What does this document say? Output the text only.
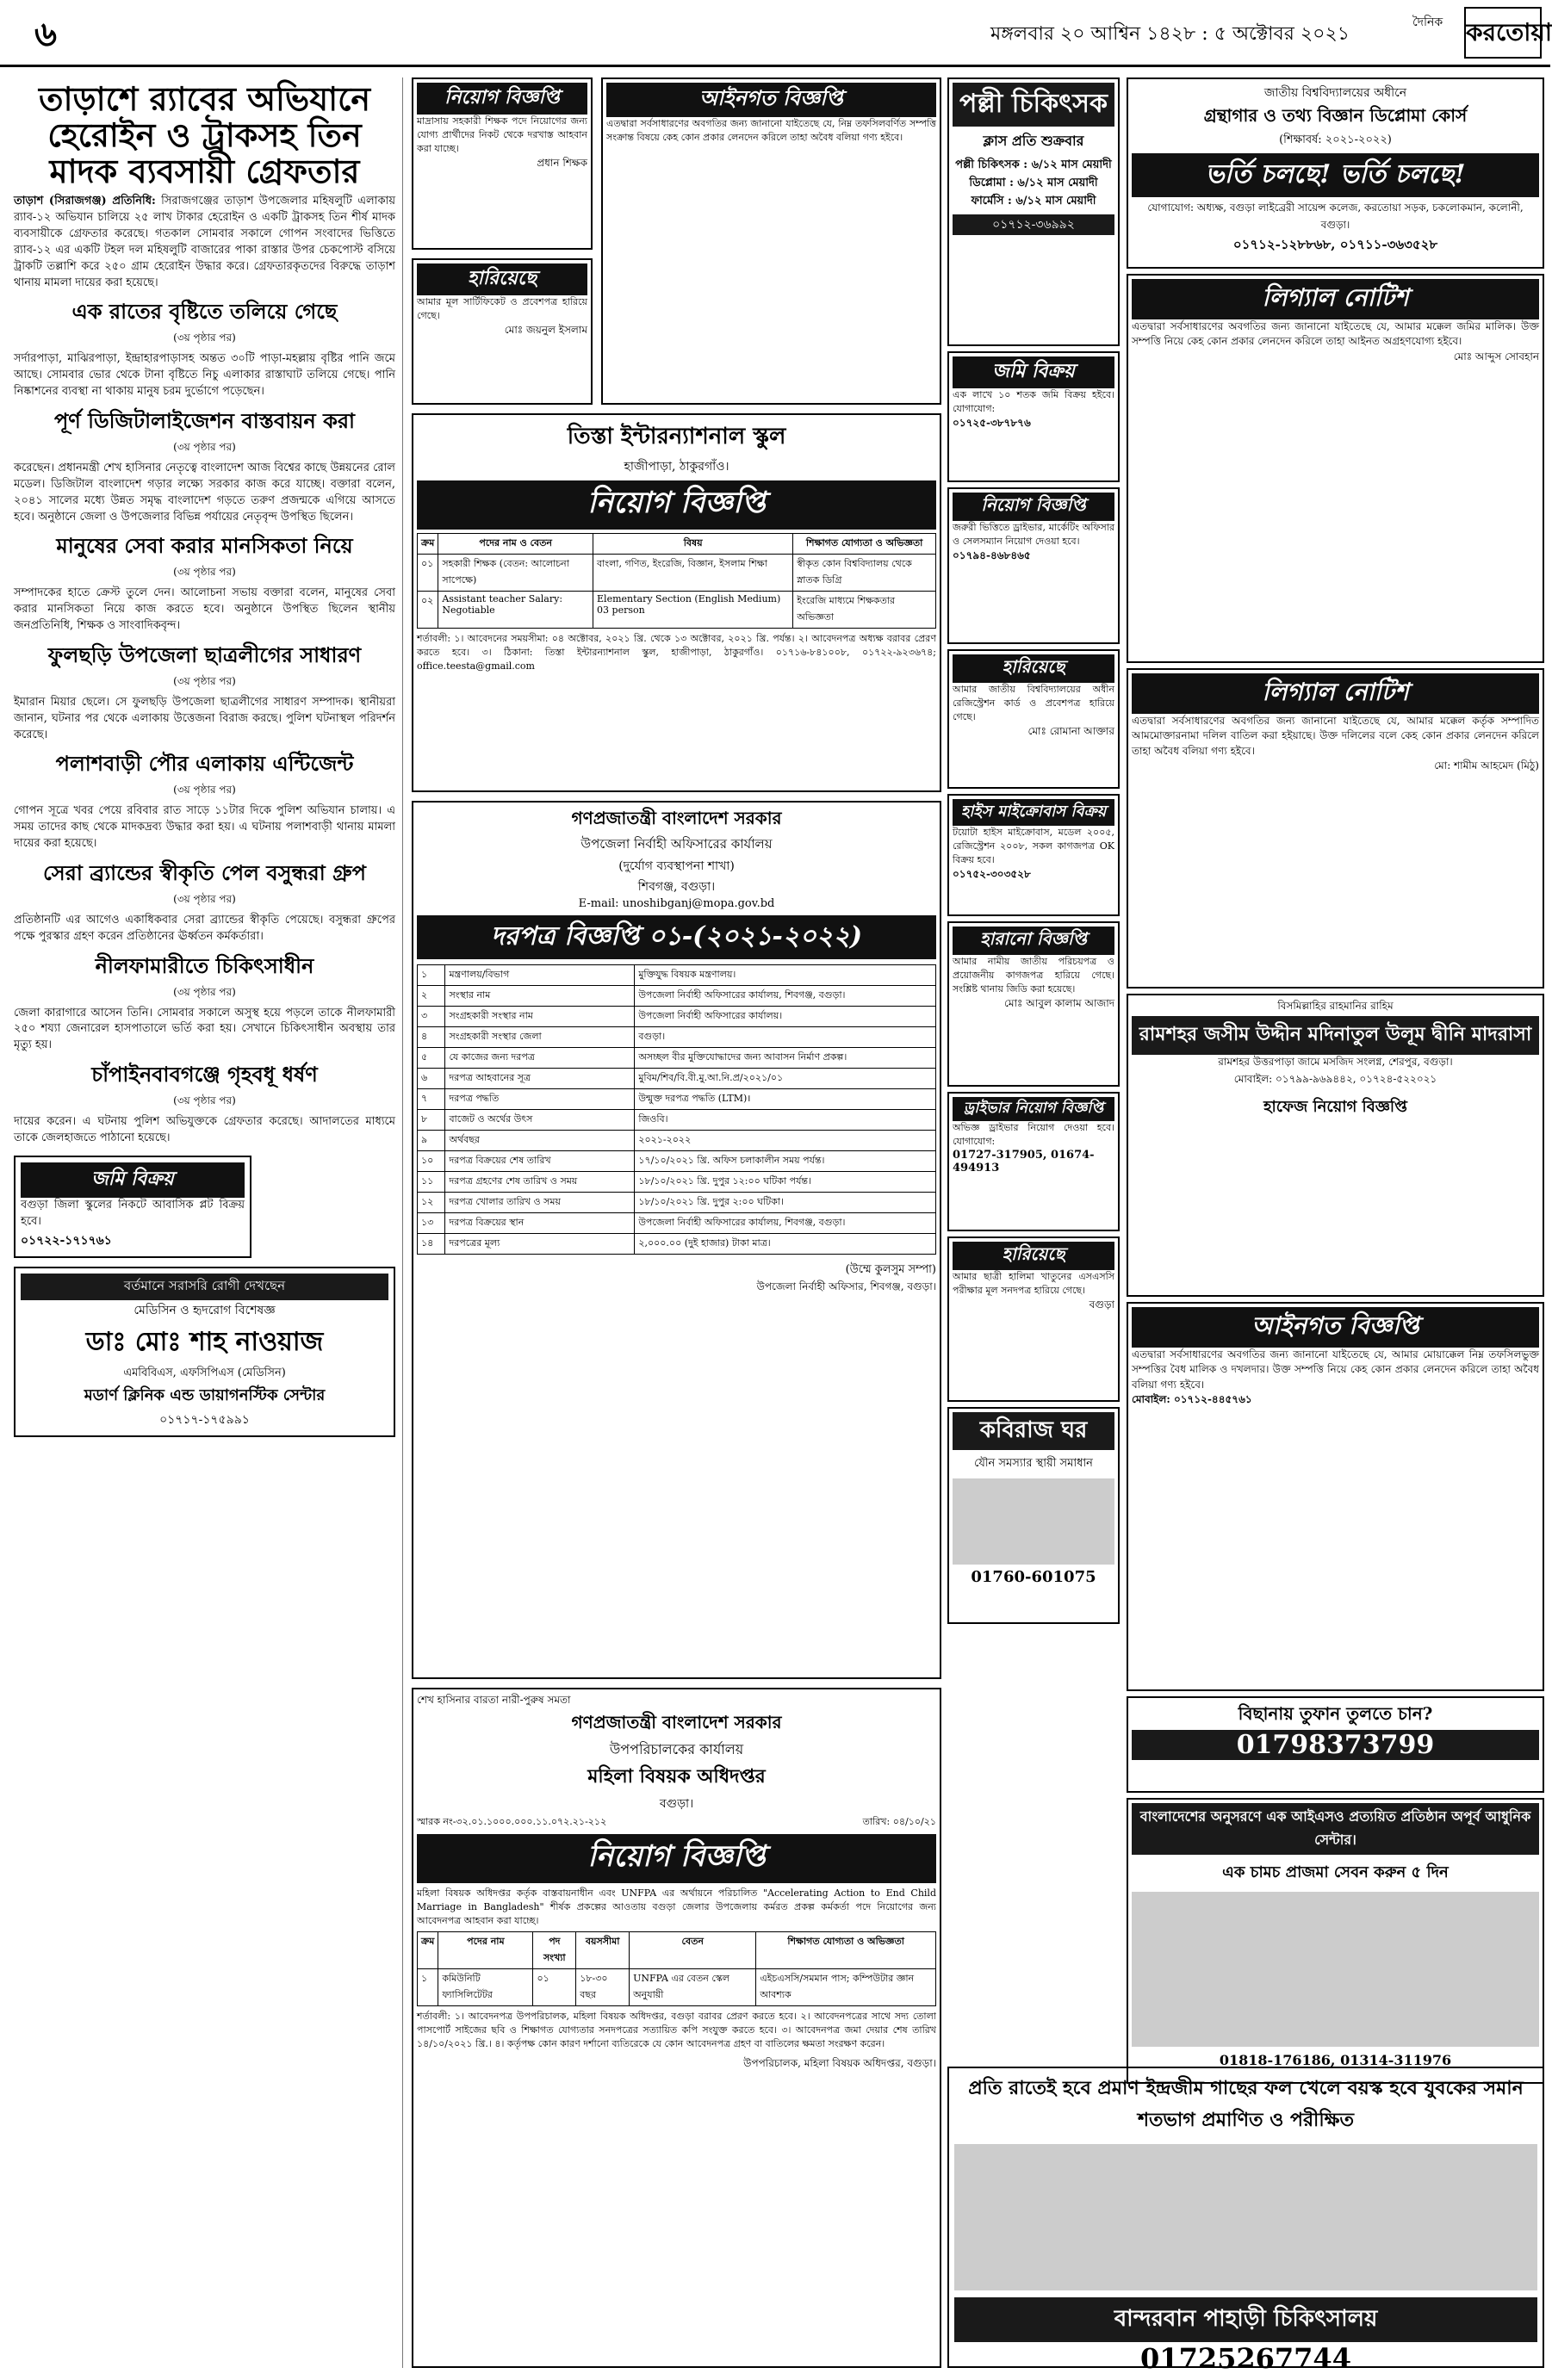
৬	মঙ্গলবার ২০ আশ্বিন ১৪২৮ : ৫ অক্টোবর ২০২১
দৈনিক করতোয়া
তাড়াশে র‍্যাবের অভিযানে হেরোইন ও ট্রাকসহ তিন মাদক ব্যবসায়ী গ্রেফতার
তাড়াশ (সিরাজগঞ্জ) প্রতিনিধি: সিরাজগঞ্জের তাড়াশ উপজেলার মহিষলুটি এলাকায় র‍্যাব-১২ অভিযান চালিয়ে ২৫ লাখ টাকার হেরোইন ও একটি ট্রাকসহ তিন শীর্ষ মাদক ব্যবসায়ীকে গ্রেফতার করেছে। গতকাল সোমবার সকালে গোপন সংবাদের ভিত্তিতে র‍্যাব-১২ এর একটি টহল দল মহিষলুটি বাজারের পাকা রাস্তার উপর চেকপোস্ট বসিয়ে ট্রাকটি তল্লাশি করে ২৫০ গ্রাম হেরোইন উদ্ধার করে। গ্রেফতারকৃতদের বিরুদ্ধে তাড়াশ থানায় মামলা দায়ের করা হয়েছে।
এক রাতের বৃষ্টিতে তলিয়ে গেছে
(৩য় পৃষ্ঠার পর)
সর্দারপাড়া, মাঝিরপাড়া, ইন্দ্রাহারপাড়াসহ অন্তত ৩০টি পাড়া-মহল্লায় বৃষ্টির পানি জমে আছে। সোমবার ভোর থেকে টানা বৃষ্টিতে নিচু এলাকার রাস্তাঘাট তলিয়ে গেছে। পানি নিষ্কাশনের ব্যবস্থা না থাকায় মানুষ চরম দুর্ভোগে পড়েছেন।
পূর্ণ ডিজিটালাইজেশন বাস্তবায়ন করা
(৩য় পৃষ্ঠার পর)
করেছেন। প্রধানমন্ত্রী শেখ হাসিনার নেতৃত্বে বাংলাদেশ আজ বিশ্বের কাছে উন্নয়নের রোল মডেল। ডিজিটাল বাংলাদেশ গড়ার লক্ষ্যে সরকার কাজ করে যাচ্ছে। বক্তারা বলেন, ২০৪১ সালের মধ্যে উন্নত সমৃদ্ধ বাংলাদেশ গড়তে তরুণ প্রজন্মকে এগিয়ে আসতে হবে। অনুষ্ঠানে জেলা ও উপজেলার বিভিন্ন পর্যায়ের নেতৃবৃন্দ উপস্থিত ছিলেন।
মানুষের সেবা করার মানসিকতা নিয়ে
(৩য় পৃষ্ঠার পর)
সম্পাদকের হাতে ক্রেস্ট তুলে দেন। আলোচনা সভায় বক্তারা বলেন, মানুষের সেবা করার মানসিকতা নিয়ে কাজ করতে হবে। অনুষ্ঠানে উপস্থিত ছিলেন স্থানীয় জনপ্রতিনিধি, শিক্ষক ও সাংবাদিকবৃন্দ।
ফুলছড়ি উপজেলা ছাত্রলীগের সাধারণ
(৩য় পৃষ্ঠার পর)
ইমারান মিয়ার ছেলে। সে ফুলছড়ি উপজেলা ছাত্রলীগের সাধারণ সম্পাদক। স্থানীয়রা জানান, ঘটনার পর থেকে এলাকায় উত্তেজনা বিরাজ করছে। পুলিশ ঘটনাস্থল পরিদর্শন করেছে।
পলাশবাড়ী পৌর এলাকায় এন্টিজেন্ট
(৩য় পৃষ্ঠার পর)
গোপন সূত্রে খবর পেয়ে রবিবার রাত সাড়ে ১১টার দিকে পুলিশ অভিযান চালায়। এ সময় তাদের কাছ থেকে মাদকদ্রব্য উদ্ধার করা হয়। এ ঘটনায় পলাশবাড়ী থানায় মামলা দায়ের করা হয়েছে।
সেরা ব্র্যান্ডের স্বীকৃতি পেল বসুন্ধরা গ্রুপ
(৩য় পৃষ্ঠার পর)
প্রতিষ্ঠানটি এর আগেও একাধিকবার সেরা ব্র্যান্ডের স্বীকৃতি পেয়েছে। বসুন্ধরা গ্রুপের পক্ষে পুরস্কার গ্রহণ করেন প্রতিষ্ঠানের ঊর্ধ্বতন কর্মকর্তারা।
নীলফামারীতে চিকিৎসাধীন
(৩য় পৃষ্ঠার পর)
জেলা কারাগারে আসেন তিনি। সোমবার সকালে অসুস্থ হয়ে পড়লে তাকে নীলফামারী ২৫০ শয্যা জেনারেল হাসপাতালে ভর্তি করা হয়। সেখানে চিকিৎসাধীন অবস্থায় তার মৃত্যু হয়।
চাঁপাইনবাবগঞ্জে গৃহবধূ ধর্ষণ
(৩য় পৃষ্ঠার পর)
দায়ের করেন। এ ঘটনায় পুলিশ অভিযুক্তকে গ্রেফতার করেছে। আদালতের মাধ্যমে তাকে জেলহাজতে পাঠানো হয়েছে।
জমি বিক্রয়
বগুড়া জিলা স্কুলের নিকটে আবাসিক প্লট বিক্রয় হবে।
০১৭২২-১৭১৭৬১
বর্তমানে সরাসরি রোগী দেখছেন
মেডিসিন ও হৃদরোগ বিশেষজ্ঞ
ডাঃ মোঃ শাহ নাওয়াজ
এমবিবিএস, এফসিপিএস (মেডিসিন)
মডার্ণ ক্লিনিক এন্ড ডায়াগনস্টিক সেন্টার
০১৭১৭-১৭৫৯৯১
নিয়োগ বিজ্ঞপ্তি
মাদ্রাসায় সহকারী শিক্ষক পদে নিয়োগের জন্য যোগ্য প্রার্থীদের নিকট থেকে দরখাস্ত আহবান করা যাচ্ছে।
প্রধান শিক্ষক
হারিয়েছে
আমার মূল সার্টিফিকেট ও প্রবেশপত্র হারিয়ে গেছে।
মোঃ জয়নুল ইসলাম
আইনগত বিজ্ঞপ্তি
এতদ্বারা সর্বসাধারণের অবগতির জন্য জানানো যাইতেছে যে, নিম্ন তফসিলবর্ণিত সম্পত্তি সংক্রান্ত বিষয়ে কেহ কোন প্রকার লেনদেন করিলে তাহা অবৈধ বলিয়া গণ্য হইবে।
তিস্তা ইন্টারন্যাশনাল স্কুল
হাজীপাড়া, ঠাকুরগাঁও।
নিয়োগ বিজ্ঞপ্তি
ক্রম	পদের নাম ও বেতন	বিষয়	শিক্ষাগত যোগ্যতা ও অভিজ্ঞতা
০১	সহকারী শিক্ষক (বেতন: আলোচনা সাপেক্ষে)	বাংলা, গণিত, ইংরেজি, বিজ্ঞান, ইসলাম শিক্ষা	স্বীকৃত কোন বিশ্ববিদ্যালয় থেকে স্নাতক ডিগ্রি
০২	Assistant teacher Salary: Negotiable	Elementary Section (English Medium) 03 person	ইংরেজি মাধ্যমে শিক্ষকতার অভিজ্ঞতা
শর্তাবলী: ১। আবেদনের সময়সীমা: ০৪ অক্টোবর, ২০২১ খ্রি. থেকে ১৩ অক্টোবর, ২০২১ খ্রি. পর্যন্ত। ২। আবেদনপত্র অধ্যক্ষ বরাবর প্রেরণ করতে হবে। ৩। ঠিকানা: তিস্তা ইন্টারন্যাশনাল স্কুল, হাজীপাড়া, ঠাকুরগাঁও। ০১৭১৬-৮৪১০০৮, ০১৭২২-৯২৩৬৭৪; office.teesta@gmail.com
গণপ্রজাতন্ত্রী বাংলাদেশ সরকার
উপজেলা নির্বাহী অফিসারের কার্যালয়
(দুর্যোগ ব্যবস্থাপনা শাখা)
শিবগঞ্জ, বগুড়া।
E-mail: unoshibganj@mopa.gov.bd
দরপত্র বিজ্ঞপ্তি ০১-(২০২১-২০২২)
১	মন্ত্রণালয়/বিভাগ	মুক্তিযুদ্ধ বিষয়ক মন্ত্রণালয়।
২	সংস্থার নাম	উপজেলা নির্বাহী অফিসারের কার্যালয়, শিবগঞ্জ, বগুড়া।
৩	সংগ্রহকারী সংস্থার নাম	উপজেলা নির্বাহী অফিসারের কার্যালয়।
৪	সংগ্রহকারী সংস্থার জেলা	বগুড়া।
৫	যে কাজের জন্য দরপত্র	অসচ্ছল বীর মুক্তিযোদ্ধাদের জন্য আবাসন নির্মাণ প্রকল্প।
৬	দরপত্র আহবানের সূত্র	মুবিম/শিব/বি.বী.মু.আ.নি.প্র/২০২১/০১
৭	দরপত্র পদ্ধতি	উন্মুক্ত দরপত্র পদ্ধতি (LTM)।
৮	বাজেট ও অর্থের উৎস	জিওবি।
৯	অর্থবছর	২০২১-২০২২
১০	দরপত্র বিক্রয়ের শেষ তারিখ	১৭/১০/২০২১ খ্রি. অফিস চলাকালীন সময় পর্যন্ত।
১১	দরপত্র গ্রহণের শেষ তারিখ ও সময়	১৮/১০/২০২১ খ্রি. দুপুর ১২:০০ ঘটিকা পর্যন্ত।
১২	দরপত্র খোলার তারিখ ও সময়	১৮/১০/২০২১ খ্রি. দুপুর ২:০০ ঘটিকা।
১৩	দরপত্র বিক্রয়ের স্থান	উপজেলা নির্বাহী অফিসারের কার্যালয়, শিবগঞ্জ, বগুড়া।
১৪	দরপত্রের মূল্য	২,০০০.০০ (দুই হাজার) টাকা মাত্র।
(উম্মে কুলসুম সম্পা)
উপজেলা নির্বাহী অফিসার, শিবগঞ্জ, বগুড়া।
শেখ হাসিনার বারতা নারী-পুরুষ সমতা
গণপ্রজাতন্ত্রী বাংলাদেশ সরকার
উপপরিচালকের কার্যালয়
মহিলা বিষয়ক অধিদপ্তর
বগুড়া।
স্মারক নং-৩২.০১.১০০০.০০০.১১.০৭২.২১-২১২	তারিখ: ০৪/১০/২১
নিয়োগ বিজ্ঞপ্তি
মহিলা বিষয়ক অধিদপ্তর কর্তৃক বাস্তবায়নাধীন এবং UNFPA এর অর্থায়নে পরিচালিত "Accelerating Action to End Child Marriage in Bangladesh" শীর্ষক প্রকল্পের আওতায় বগুড়া জেলার উপজেলায় কর্মরত প্রকল্প কর্মকর্তা পদে নিয়োগের জন্য আবেদনপত্র আহবান করা যাচ্ছে।
ক্রম	পদের নাম	পদ সংখ্যা	বয়সসীমা	বেতন	শিক্ষাগত যোগ্যতা ও অভিজ্ঞতা
১	কমিউনিটি ফ্যাসিলিটেটর	০১	১৮-৩০ বছর	UNFPA এর বেতন স্কেল অনুযায়ী	এইচএসসি/সমমান পাস; কম্পিউটার জ্ঞান আবশ্যক
শর্তাবলী: ১। আবেদনপত্র উপপরিচালক, মহিলা বিষয়ক অধিদপ্তর, বগুড়া বরাবর প্রেরণ করতে হবে। ২। আবেদনপত্রের সাথে সদ্য তোলা পাসপোর্ট সাইজের ছবি ও শিক্ষাগত যোগ্যতার সনদপত্রের সত্যায়িত কপি সংযুক্ত করতে হবে। ৩। আবেদনপত্র জমা দেয়ার শেষ তারিখ ১৪/১০/২০২১ খ্রি.। ৪। কর্তৃপক্ষ কোন কারণ দর্শানো ব্যতিরেকে যে কোন আবেদনপত্র গ্রহণ বা বাতিলের ক্ষমতা সংরক্ষণ করেন।
উপপরিচালক, মহিলা বিষয়ক অধিদপ্তর, বগুড়া।
পল্লী চিকিৎসক
ক্লাস প্রতি শুক্রবার
পল্লী চিকিৎসক : ৬/১২ মাস মেয়াদী
ডিপ্লোমা : ৬/১২ মাস মেয়াদী
ফার্মেসি : ৬/১২ মাস মেয়াদী
০১৭১২-৩৬৯৯২
জমি বিক্রয়
এক লাখে ১০ শতক জমি বিক্রয় হইবে। যোগাযোগ:
০১৭২৫-৩৮৭৮৭৬
নিয়োগ বিজ্ঞপ্তি
জরুরী ভিত্তিতে ড্রাইভার, মার্কেটিং অফিসার ও সেলসম্যান নিয়োগ দেওয়া হবে।
০১৭৯৪-৪৬৮৪৬৫
হারিয়েছে
আমার জাতীয় বিশ্ববিদ্যালয়ের অধীন রেজিস্ট্রেশন কার্ড ও প্রবেশপত্র হারিয়ে গেছে।
মোঃ রোমানা আক্তার
হাইস মাইক্রোবাস বিক্রয়
টয়োটা হাইস মাইক্রোবাস, মডেল ২০০৫, রেজিস্ট্রেশন ২০০৮, সকল কাগজপত্র OK বিক্রয় হবে।
০১৭৫২-৩০৩৫২৮
হারানো বিজ্ঞপ্তি
আমার নামীয় জাতীয় পরিচয়পত্র ও প্রয়োজনীয় কাগজপত্র হারিয়ে গেছে। সংশ্লিষ্ট থানায় জিডি করা হয়েছে।
মোঃ আবুল কালাম আজাদ
ড্রাইভার নিয়োগ বিজ্ঞপ্তি
অভিজ্ঞ ড্রাইভার নিয়োগ দেওয়া হবে। যোগাযোগ:
01727-317905, 01674-494913
হারিয়েছে
আমার ছাত্রী হালিমা খাতুনের এসএসসি পরীক্ষার মূল সনদপত্র হারিয়ে গেছে।
বগুড়া
কবিরাজ ঘর
যৌন সমস্যার স্থায়ী সমাধান
01760-601075
জাতীয় বিশ্ববিদ্যালয়ের অধীনে
গ্রন্থাগার ও তথ্য বিজ্ঞান ডিপ্লোমা কোর্স
(শিক্ষাবর্ষ: ২০২১-২০২২)
ভর্তি চলছে! ভর্তি চলছে!
যোগাযোগ: অধ্যক্ষ, বগুড়া লাইব্রেরী সায়েন্স কলেজ, করতোয়া সড়ক, চকলোকমান, কলোনী, বগুড়া।
০১৭১২-১২৮৮৬৮, ০১৭১১-৩৬৩৫২৮
লিগ্যাল নোটিশ
এতদ্বারা সর্বসাধারণের অবগতির জন্য জানানো যাইতেছে যে, আমার মক্কেল জমির মালিক। উক্ত সম্পত্তি নিয়ে কেহ কোন প্রকার লেনদেন করিলে তাহা আইনত অগ্রহণযোগ্য হইবে।
মোঃ আব্দুস সোবহান
লিগ্যাল নোটিশ
এতদ্বারা সর্বসাধারণের অবগতির জন্য জানানো যাইতেছে যে, আমার মক্কেল কর্তৃক সম্পাদিত আমমোক্তারনামা দলিল বাতিল করা হইয়াছে। উক্ত দলিলের বলে কেহ কোন প্রকার লেনদেন করিলে তাহা অবৈধ বলিয়া গণ্য হইবে।
মো: শামীম আহমেদ (মিঠু)
বিসমিল্লাহির রাহমানির রাহিম
রামশহর জসীম উদ্দীন মদিনাতুল উলূম দ্বীনি মাদরাসা
রামশহর উত্তরপাড়া জামে মসজিদ সংলগ্ন, শেরপুর, বগুড়া।
মোবাইল: ০১৭৯৯-৯৬৯৪৪২, ০১৭২৪-৫২২০২১
হাফেজ নিয়োগ বিজ্ঞপ্তি
আইনগত বিজ্ঞপ্তি
এতদ্বারা সর্বসাধারণের অবগতির জন্য জানানো যাইতেছে যে, আমার মোয়াক্কেল নিম্ন তফসিলভুক্ত সম্পত্তির বৈধ মালিক ও দখলদার। উক্ত সম্পত্তি নিয়ে কেহ কোন প্রকার লেনদেন করিলে তাহা অবৈধ বলিয়া গণ্য হইবে।
মোবাইল: ০১৭১২-৪৪৫৭৬১
বিছানায় তুফান তুলতে চান?
01798373799
বাংলাদেশের অনুসরণে এক আইএসও প্রত্যয়িত প্রতিষ্ঠান অপূর্ব আধুনিক সেন্টার।
এক চামচ প্রাজমা সেবন করুন ৫ দিন
01818-176186, 01314-311976
প্রতি রাতেই হবে প্রমাণ ইন্দ্রজীম গাছের ফল খেলে বয়স্ক হবে যুবকের সমান শতভাগ প্রমাণিত ও পরীক্ষিত
বান্দরবান পাহাড়ী চিকিৎসালয়
01725267744
